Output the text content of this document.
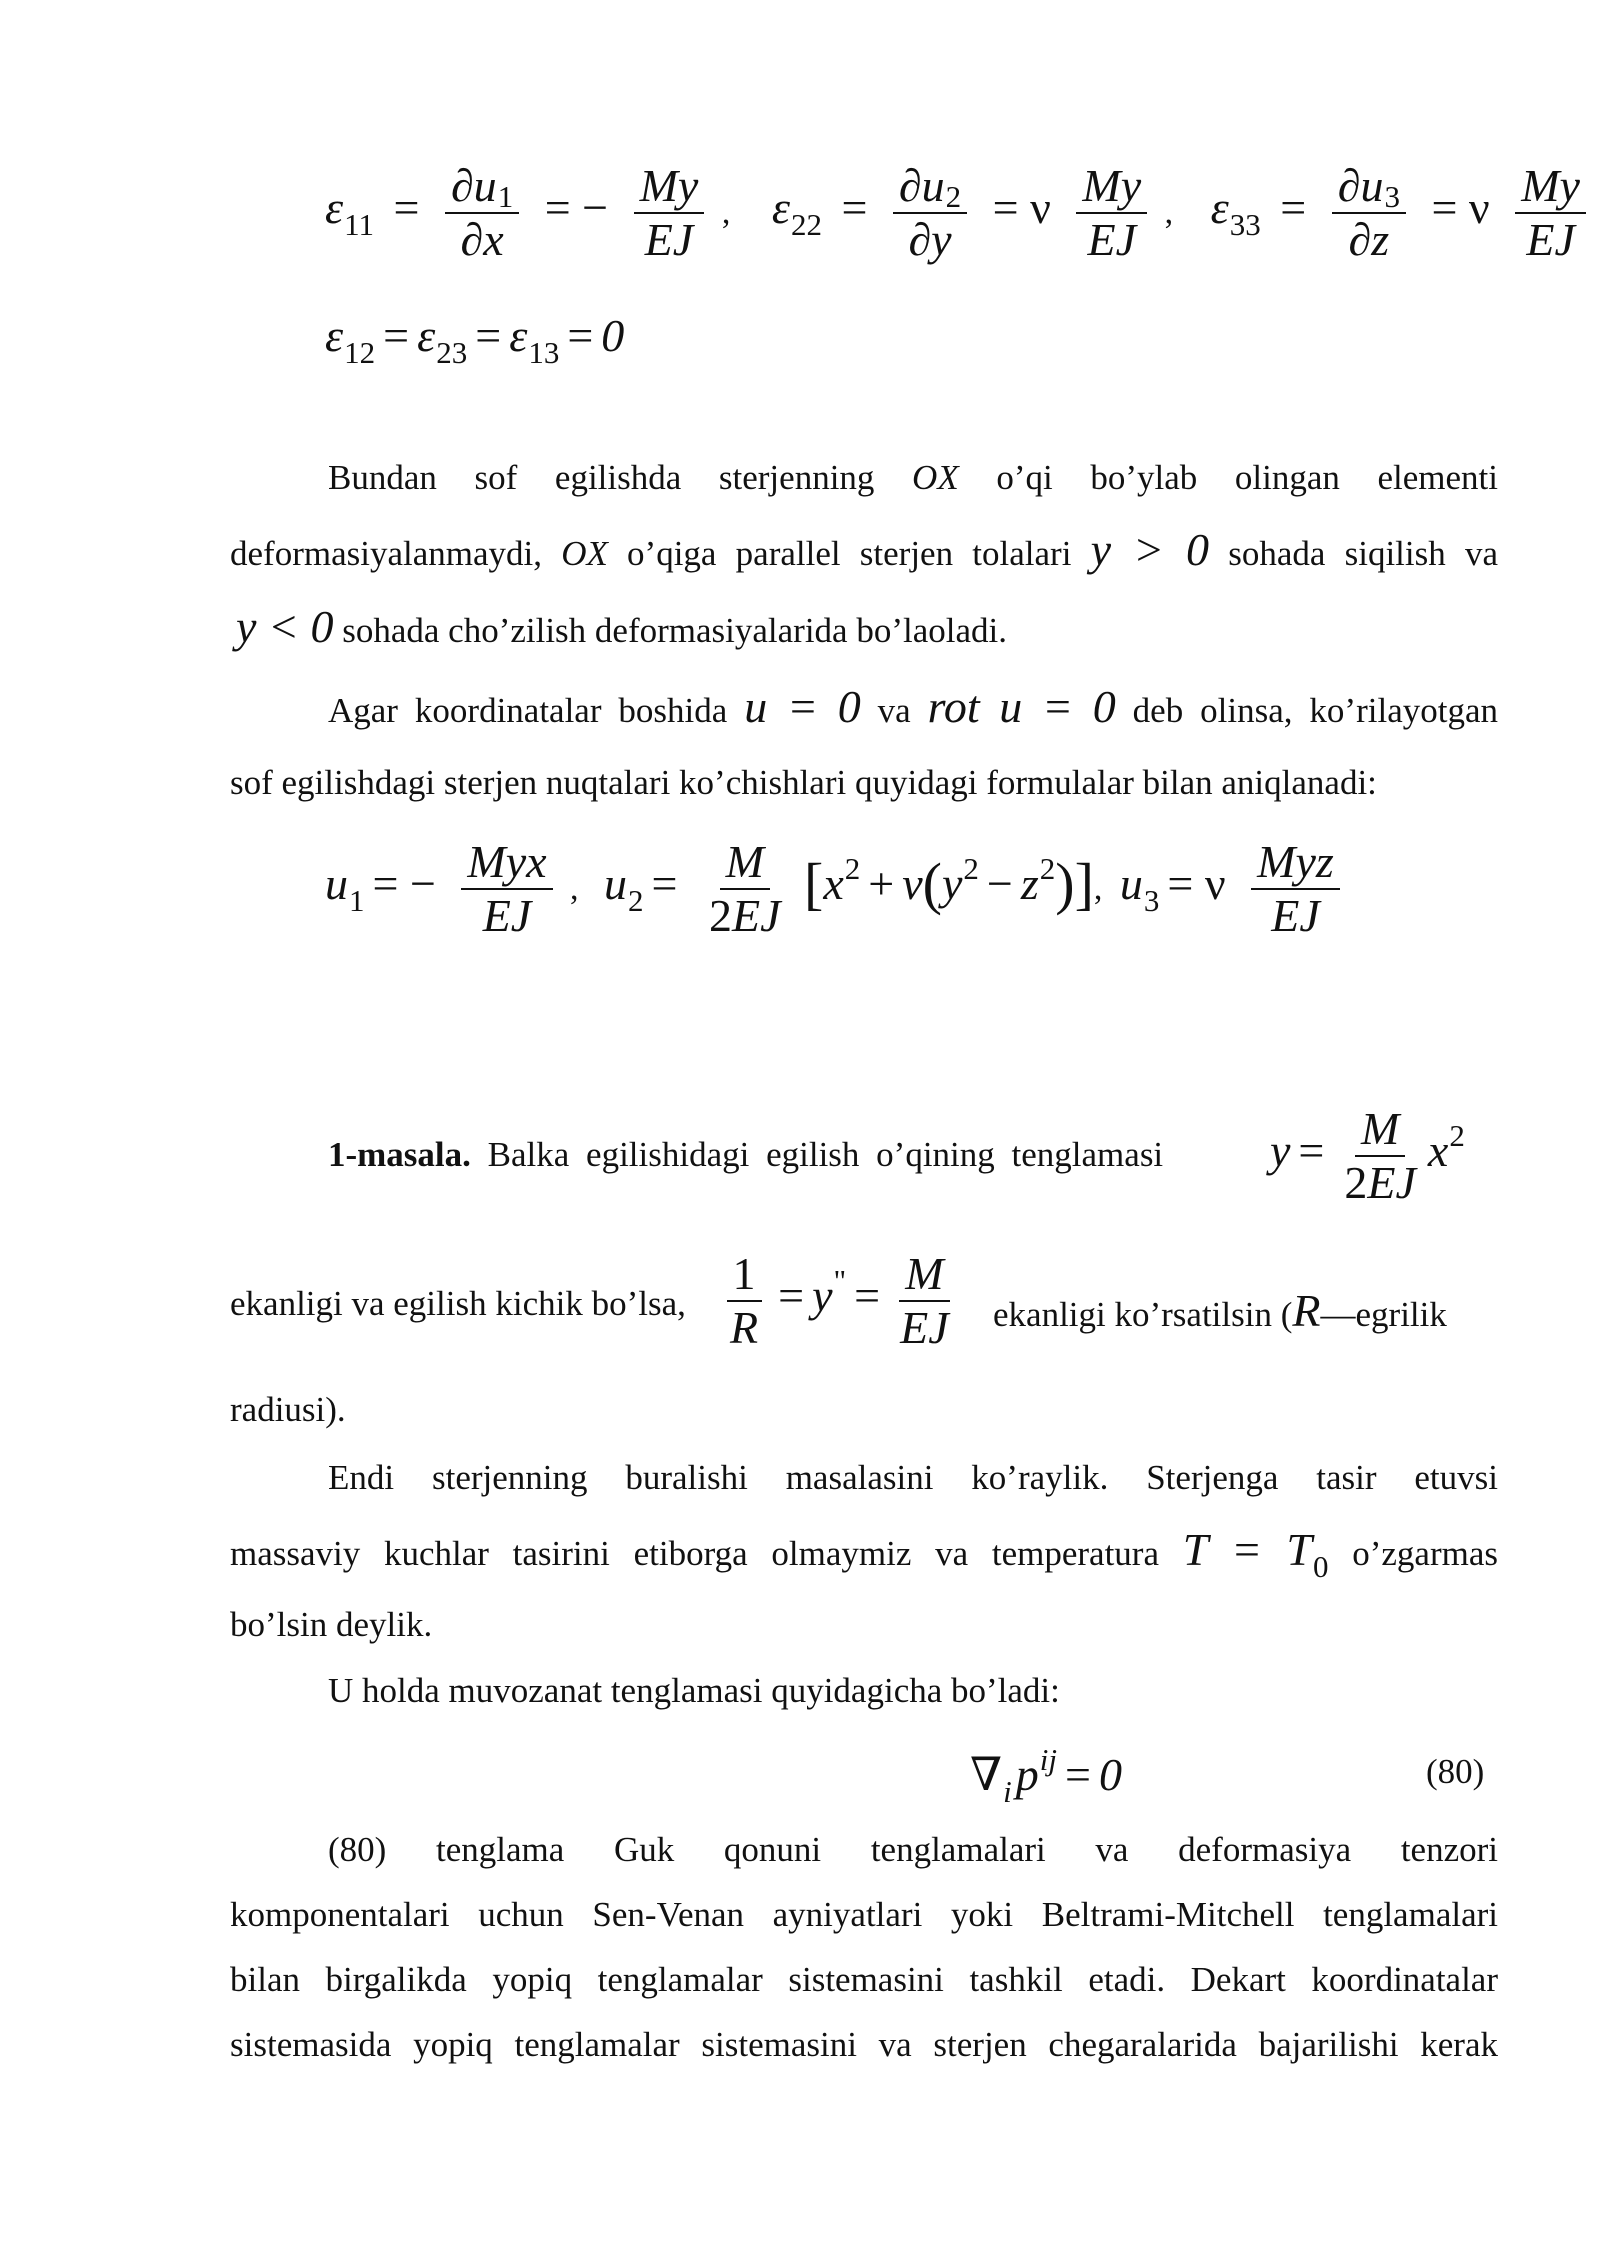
$\varepsilon_{11} = \frac{\partial u1}{\partial x}$ = − $\frac{My}{EJ}$ , $\varepsilon_{22} = \frac{\partial u2}{\partial y} = \nu \frac{My}{EJ}$ , $\varepsilon_{33} = \frac{\partial u3}{\partial z} = \nu \frac{My}{EJ}$
$\varepsilon_{12} = \varepsilon_{23} = \varepsilon_{13} = 0$
Bundan sof egilishda sterjenning OX o’qi bo’ylab olingan elementi
deformasiyalanmaydi, OX o’qiga parallel sterjen tolalari y > 0 sohada siqilish va
y < 0 sohada cho’zilish deformasiyalarida bo’laoladi.
Agar koordinatalar boshida u = 0 va rot u = 0 deb olinsa, ko’rilayotgan
sof egilishdagi sterjen nuqtalari ko’chishlari quyidagi formulalar bilan aniqlanadi:
$u_1$ = − $\frac{\text{Myx}}{EJ}$ , $u_2 = \frac{M}{2EJ} [x^2 + \nu(y^2 - z^2)]$, $u_3 = \nu \frac{\text{Myz}}{EJ}$
1-masala. Balka egilishidagi egilish o’qining tenglamasi $y = \frac{M}{2EJ} x^2$
ekanligi va egilish kichik bo’lsa, $\frac{1}{R} = y^" = \frac{M}{EJ}$ ekanligi ko’rsatilsin (R—egrilik
radiusi).
Endi sterjenning buralishi masalasini ko’raylik. Sterjenga tasir etuvsi
massaviy kuchlar tasirini etiborga olmaymiz va temperatura $T = T_0$ o’zgarmas
bo’lsin deylik.
U holda muvozanat tenglamasi quyidagicha bo’ladi:
$\nabla_ip^{ij} = 0$	(80)
(80) tenglama Guk qonuni tenglamalari va deformasiya tenzori
komponentalari uchun Sen-Venan ayniyatlari yoki Beltrami-Mitchell tenglamalari
bilan birgalikda yopiq tenglamalar sistemasini tashkil etadi. Dekart koordinatalar
sistemasida yopiq tenglamalar sistemasini va sterjen chegaralarida bajarilishi kerak
